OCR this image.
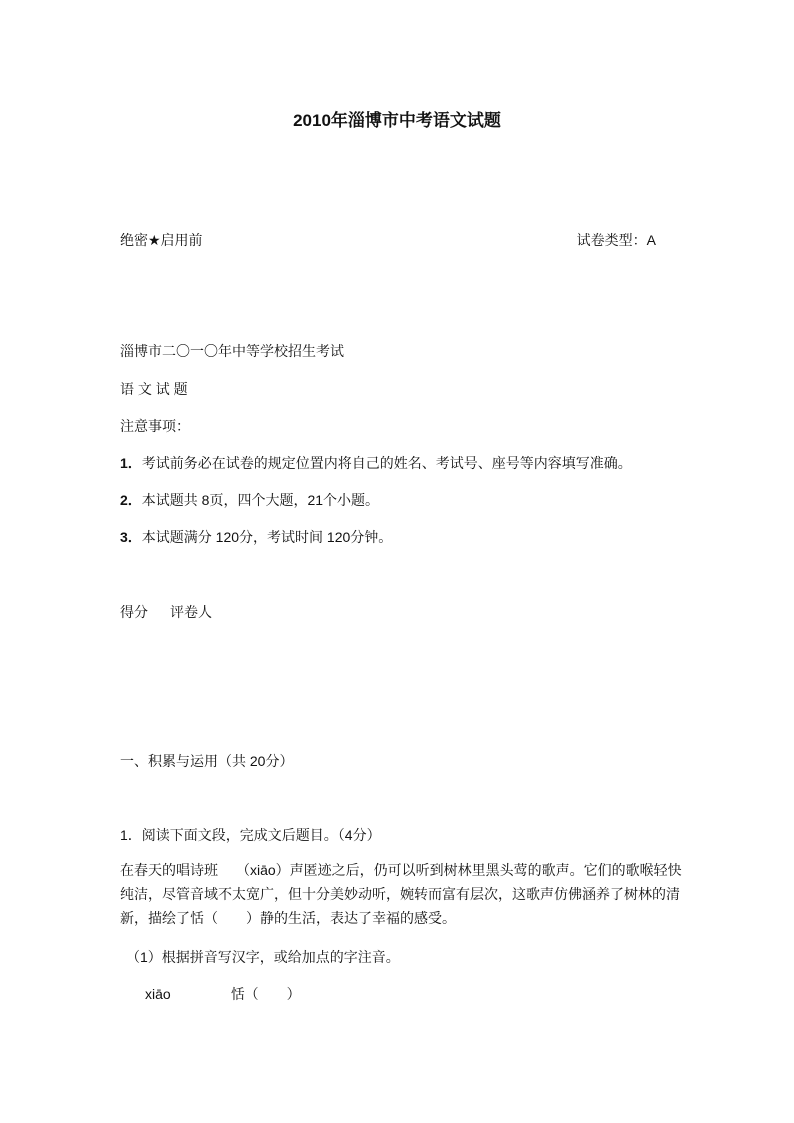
2010年淄博市中考语文试题
绝密★启用前	试卷类型：A
淄博市二〇一〇年中等学校招生考试
语 文 试 题
注意事项：
1．考试前务必在试卷的规定位置内将自己的姓名、考试号、座号等内容填写准确。
2．本试题共 8页，四个大题，21个小题。
3．本试题满分 120分，考试时间 120分钟。
得分 评卷人
一、积累与运用（共 20分）
1．阅读下面文段，完成文后题目。（4分）
在春天的唱诗班 （xiāo）声匿迹之后，仍可以听到树林里黑头莺的歌声。它们的歌喉轻快纯洁，尽管音域不太宽广，但十分美妙动听，婉转而富有层次，这歌声仿佛涵养了树林的清新，描绘了恬（　　）静的生活，表达了幸福的感受。
（1）根据拼音写汉字，或给加点的字注音。
xiāo	恬（　　）
